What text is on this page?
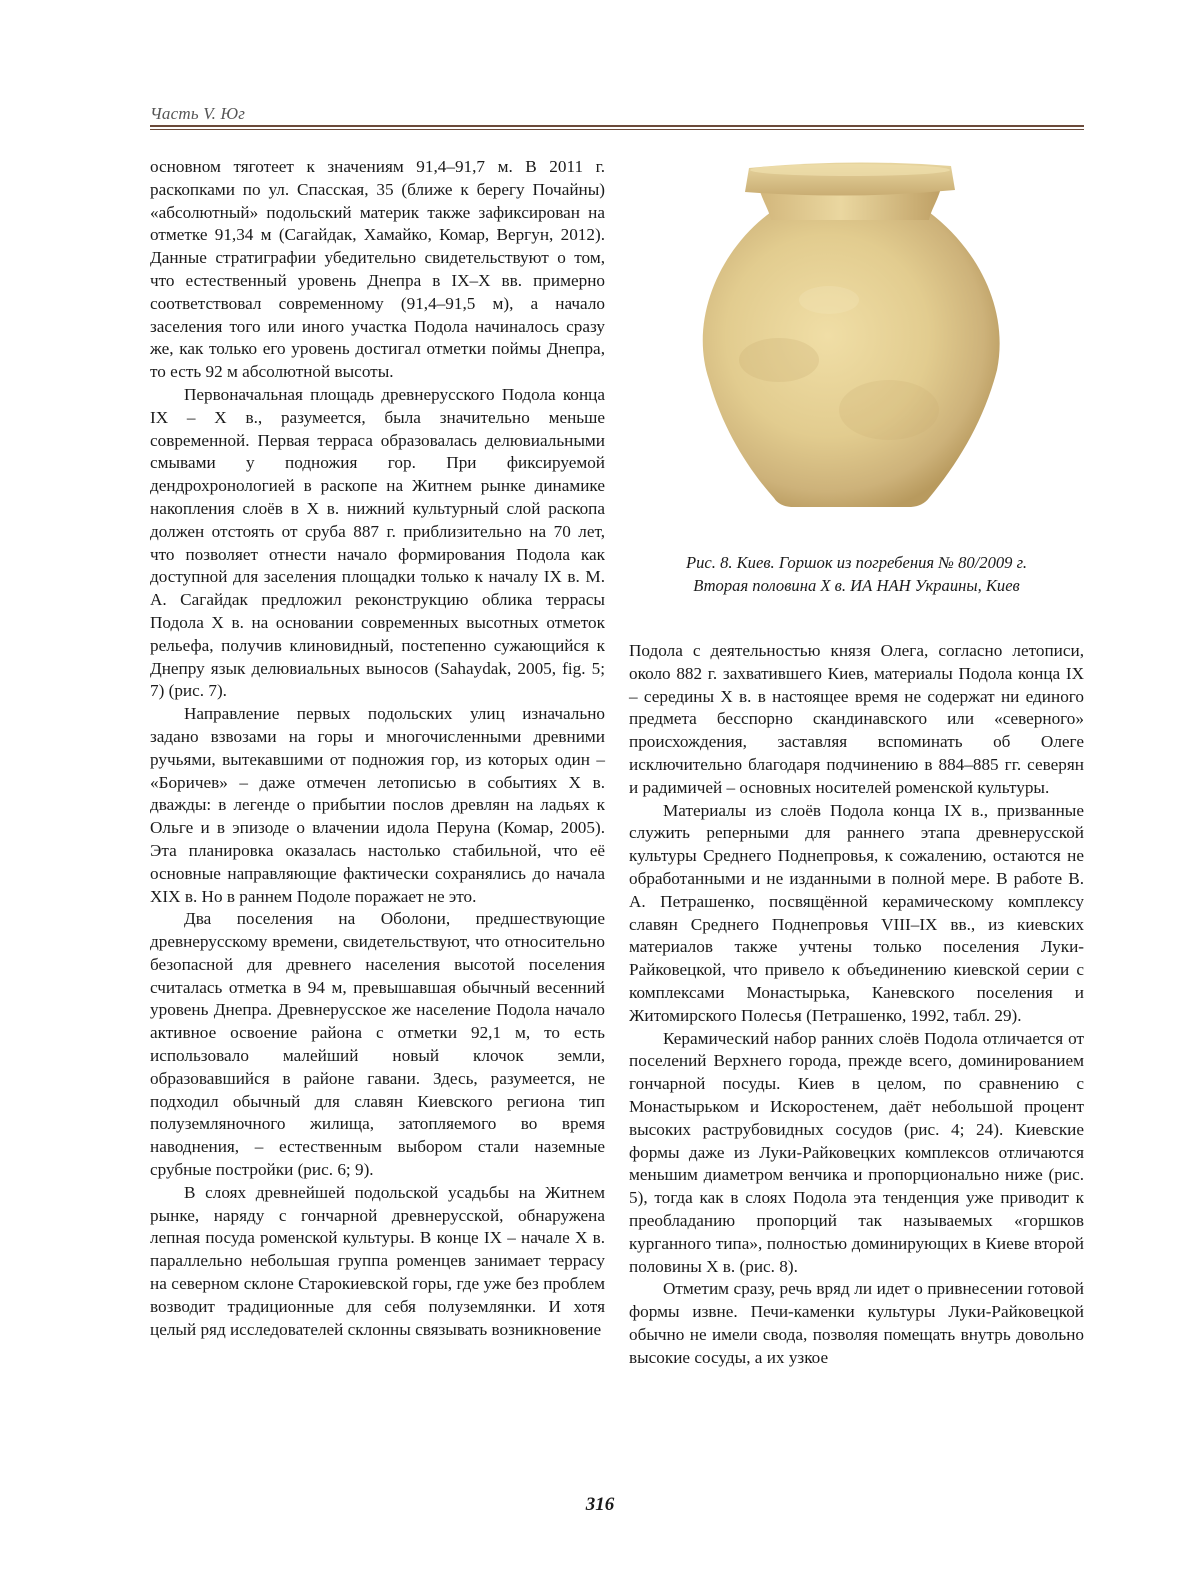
Часть V. Юг

основном тяготеет к значениям 91,4–91,7 м. В 2011 г. раскопками по ул. Спасская, 35 (ближе к берегу Почайны) «абсолютный» подольский материк также зафиксирован на отметке 91,34 м (Сагайдак, Хамайко, Комар, Вергун, 2012). Данные стратиграфии убедительно свидетельствуют о том, что естественный уровень Днепра в IX–X вв. примерно соответствовал современному (91,4–91,5 м), а начало заселения того или иного участка Подола начиналось сразу же, как только его уровень достигал отметки поймы Днепра, то есть 92 м абсолютной высоты.

Первоначальная площадь древнерусского Подола конца IX – X в., разумеется, была значительно меньше современной. Первая терраса образовалась делювиальными смывами у подножия гор. При фиксируемой дендрохронологией в раскопе на Житнем рынке динамике накопления слоёв в X в. нижний культурный слой раскопа должен отстоять от сруба 887 г. приблизительно на 70 лет, что позволяет отнести начало формирования Подола как доступной для заселения площадки только к началу IX в. М. А. Сагайдак предложил реконструкцию облика террасы Подола X в. на основании современных высотных отметок рельефа, получив клиновидный, постепенно сужающийся к Днепру язык делювиальных выносов (Sahaydak, 2005, fig. 5; 7) (рис. 7).

Направление первых подольских улиц изначально задано взвозами на горы и многочисленными древними ручьями, вытекавшими от подножия гор, из которых один – «Боричев» – даже отмечен летописью в событиях X в. дважды: в легенде о прибытии послов древлян на ладьях к Ольге и в эпизоде о влачении идола Перуна (Комар, 2005). Эта планировка оказалась настолько стабильной, что её основные направляющие фактически сохранялись до начала XIX в. Но в раннем Подоле поражает не это.

Два поселения на Оболони, предшествующие древнерусскому времени, свидетельствуют, что относительно безопасной для древнего населения высотой поселения считалась отметка в 94 м, превышавшая обычный весенний уровень Днепра. Древнерусское же население Подола начало активное освоение района с отметки 92,1 м, то есть использовало малейший новый клочок земли, образовавшийся в районе гавани. Здесь, разумеется, не подходил обычный для славян Киевского региона тип полуземляночного жилища, затопляемого во время наводнения, – естественным выбором стали наземные срубные постройки (рис. 6; 9).

В слоях древнейшей подольской усадьбы на Житнем рынке, наряду с гончарной древнерусской, обнаружена лепная посуда роменской культуры. В конце IX – начале X в. параллельно небольшая группа роменцев занимает террасу на северном склоне Старокиевской горы, где уже без проблем возводит традиционные для себя полуземлянки. И хотя целый ряд исследователей склонны связывать возникновение

Рис. 8. Киев. Горшок из погребения № 80/2009 г.
Вторая половина X в. ИА НАН Украины, Киев

Подола с деятельностью князя Олега, согласно летописи, около 882 г. захватившего Киев, материалы Подола конца IX – середины X в. в настоящее время не содержат ни единого предмета бесспорно скандинавского или «северного» происхождения, заставляя вспоминать об Олеге исключительно благодаря подчинению в 884–885 гг. северян и радимичей – основных носителей роменской культуры.

Материалы из слоёв Подола конца IX в., призванные служить реперными для раннего этапа древнерусской культуры Среднего Поднепровья, к сожалению, остаются не обработанными и не изданными в полной мере. В работе В. А. Петрашенко, посвящённой керамическому комплексу славян Среднего Поднепровья VIII–IX вв., из киевских материалов также учтены только поселения Луки-Райковецкой, что привело к объединению киевской серии с комплексами Монастырька, Каневского поселения и Житомирского Полесья (Петрашенко, 1992, табл. 29).

Керамический набор ранних слоёв Подола отличается от поселений Верхнего города, прежде всего, доминированием гончарной посуды. Киев в целом, по сравнению с Монастырьком и Искоростенем, даёт небольшой процент высоких раструбовидных сосудов (рис. 4; 24). Киевские формы даже из Луки-Райковецких комплексов отличаются меньшим диаметром венчика и пропорционально ниже (рис. 5), тогда как в слоях Подола эта тенденция уже приводит к преобладанию пропорций так называемых «горшков курганного типа», полностью доминирующих в Киеве второй половины X в. (рис. 8).

Отметим сразу, речь вряд ли идет о привнесении готовой формы извне. Печи-каменки культуры Луки-Райковецкой обычно не имели свода, позволяя помещать внутрь довольно высокие сосуды, а их узкое

316
